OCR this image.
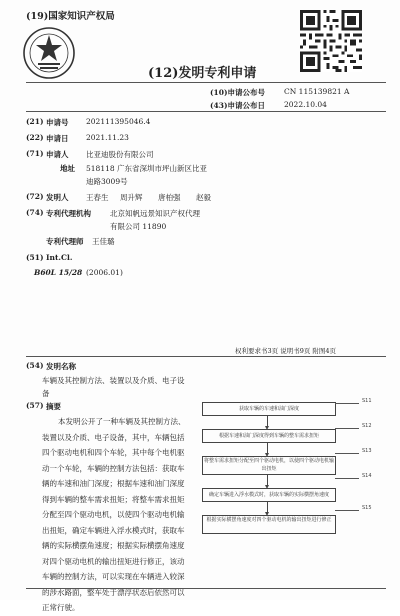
(19)国家知识产权局
(12)发明专利申请
(10)申请公布号	CN 115139821 A
(43)申请公布日	2022.10.04
(21) 申请号 202111395046.4
(22) 申请日 2021.11.23
(71) 申请人 比亚迪股份有限公司
地址 518118 广东省深圳市坪山新区比亚
迪路3009号
(72) 发明人 王春生 周升辉 唐柏强 赵毅
(74) 专利代理机构	北京知帆远景知识产权代理
有限公司 11890
专利代理师 王佳璐
(51) Int.Cl.
B60L 15/28 (2006.01)
权利要求书3页 说明书9页 附图4页
(54) 发明名称
车辆及其控制方法、装置以及介质、电子设
备
(57) 摘要
本发明公开了一种车辆及其控制方法、装置以及介质、电子设备，其中，车辆包括四个驱动电机和四个车轮，其中每个电机驱动一个车轮，车辆的控制方法包括：获取车辆的车速和油门深度；根据车速和油门深度得到车辆的整车需求扭矩；将整车需求扭矩分配至四个驱动电机，以使四个驱动电机输出扭矩，确定车辆进入浮水模式时，获取车辆的实际横摆角速度；根据实际横摆角速度对四个驱动电机的输出扭矩进行修正，该动车辆的控制方法，可以实现在车辆进入较深的涉水路面，整车处于漂浮状态后依然可以正常行驶。
获取车辆的车速和油门深度
S11
根据车速和油门深度得到车辆的整车需求扭矩
S12
将整车需求扭矩分配至四个驱动电机，以使四个驱动电机输出扭矩
S13
确定车辆进入浮水模式时，获取车辆的实际横摆角速度
S14
根据实际横摆角速度对四个驱动电机的输出扭矩进行修正
S15
